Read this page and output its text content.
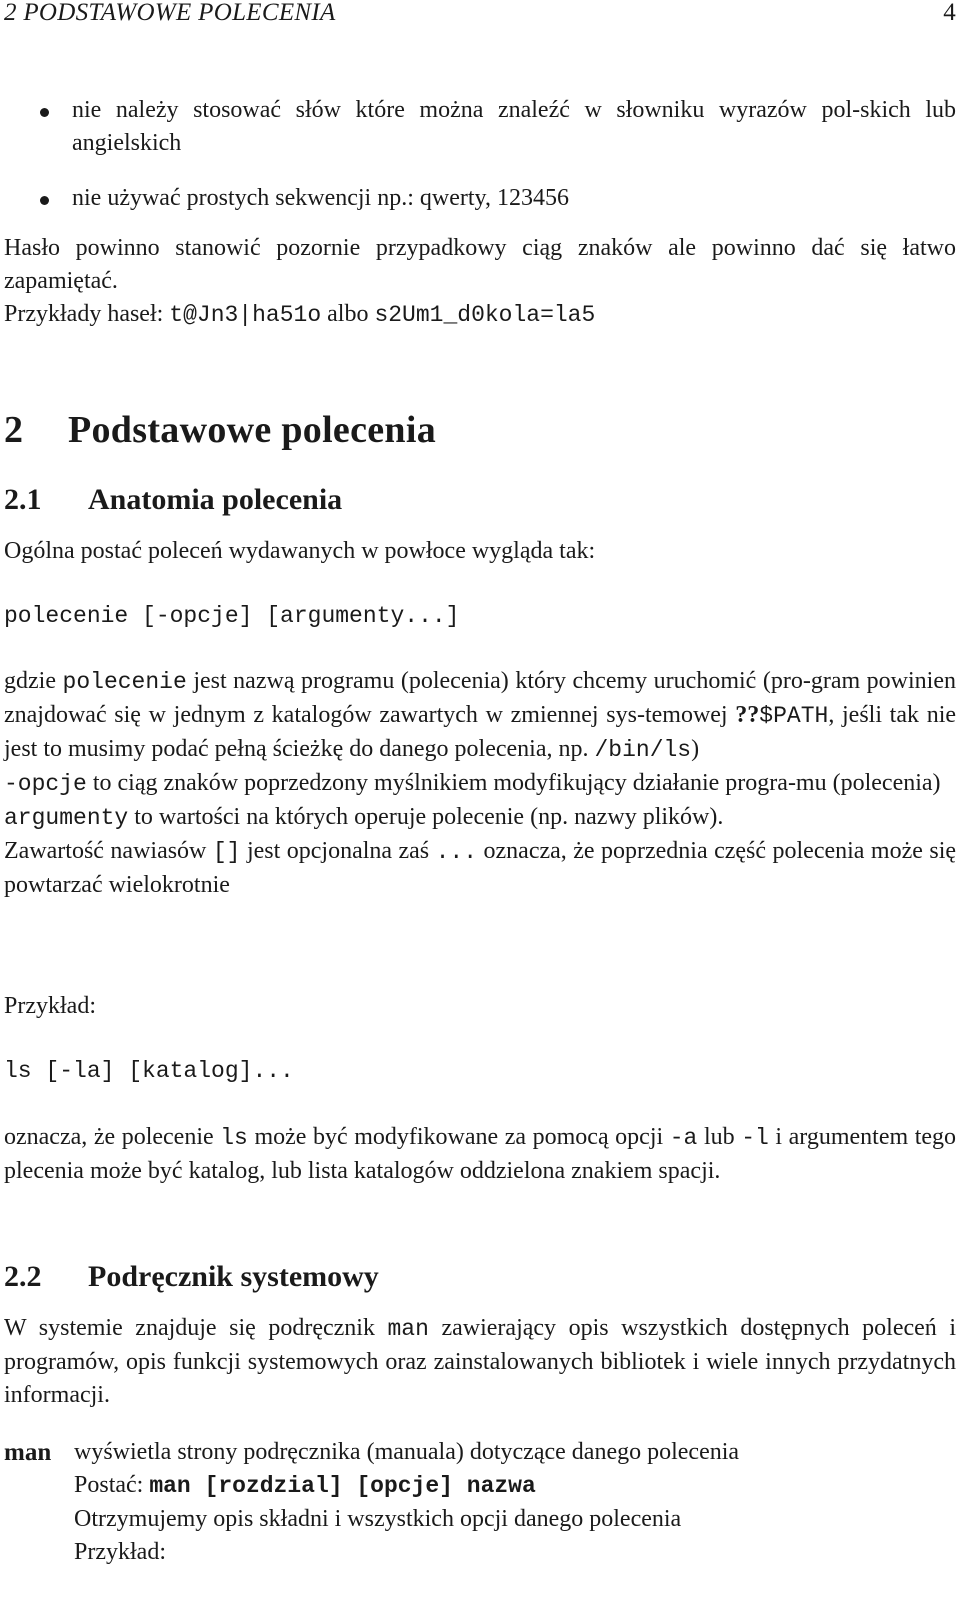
2 PODSTAWOWE POLECENIA	4
nie należy stosować słów które można znaleźć w słowniku wyrazów pol-skich lub angielskich
nie używać prostych sekwencji np.: qwerty, 123456

Hasło powinno stanowić pozornie przypadkowy ciąg znaków ale powinno dać się łatwo zapamiętać.

Przykłady haseł: t@Jn3|ha51o albo s2Um1_d0kola=la5

2 Podstawowe polecenia
2.1 Anatomia polecenia

Ogólna postać poleceń wydawanych w powłoce wygląda tak:

polecenie [-opcje] [argumenty...]

gdzie polecenie jest nazwą programu (polecenia) który chcemy uruchomić (pro-gram powinien znajdować się w jednym z katalogów zawartych w zmiennej sys-temowej ??$PATH, jeśli tak nie jest to musimy podać pełną ścieżkę do danego polecenia, np. /bin/ls)
-opcje to ciąg znaków poprzedzony myślnikiem modyfikujący działanie progra-mu (polecenia)
argumenty to wartości na których operuje polecenie (np. nazwy plików).
Zawartość nawiasów [] jest opcjonalna zaś ... oznacza, że poprzednia część polecenia może się powtarzać wielokrotnie

Przykład:

ls [-la] [katalog]...

oznacza, że polecenie ls może być modyfikowane za pomocą opcji -a lub -l i argumentem tego plecenia może być katalog, lub lista katalogów oddzielona znakiem spacji.

2.2 Podręcznik systemowy

W systemie znajduje się podręcznik man zawierający opis wszystkich dostępnych poleceń i programów, opis funkcji systemowych oraz zainstalowanych bibliotek i wiele innych przydatnych informacji.

man wyświetla strony podręcznika (manuala) dotyczące danego polecenia
Postać: man [rozdzial] [opcje] nazwa
Otrzymujemy opis składni i wszystkich opcji danego polecenia
Przykład:
